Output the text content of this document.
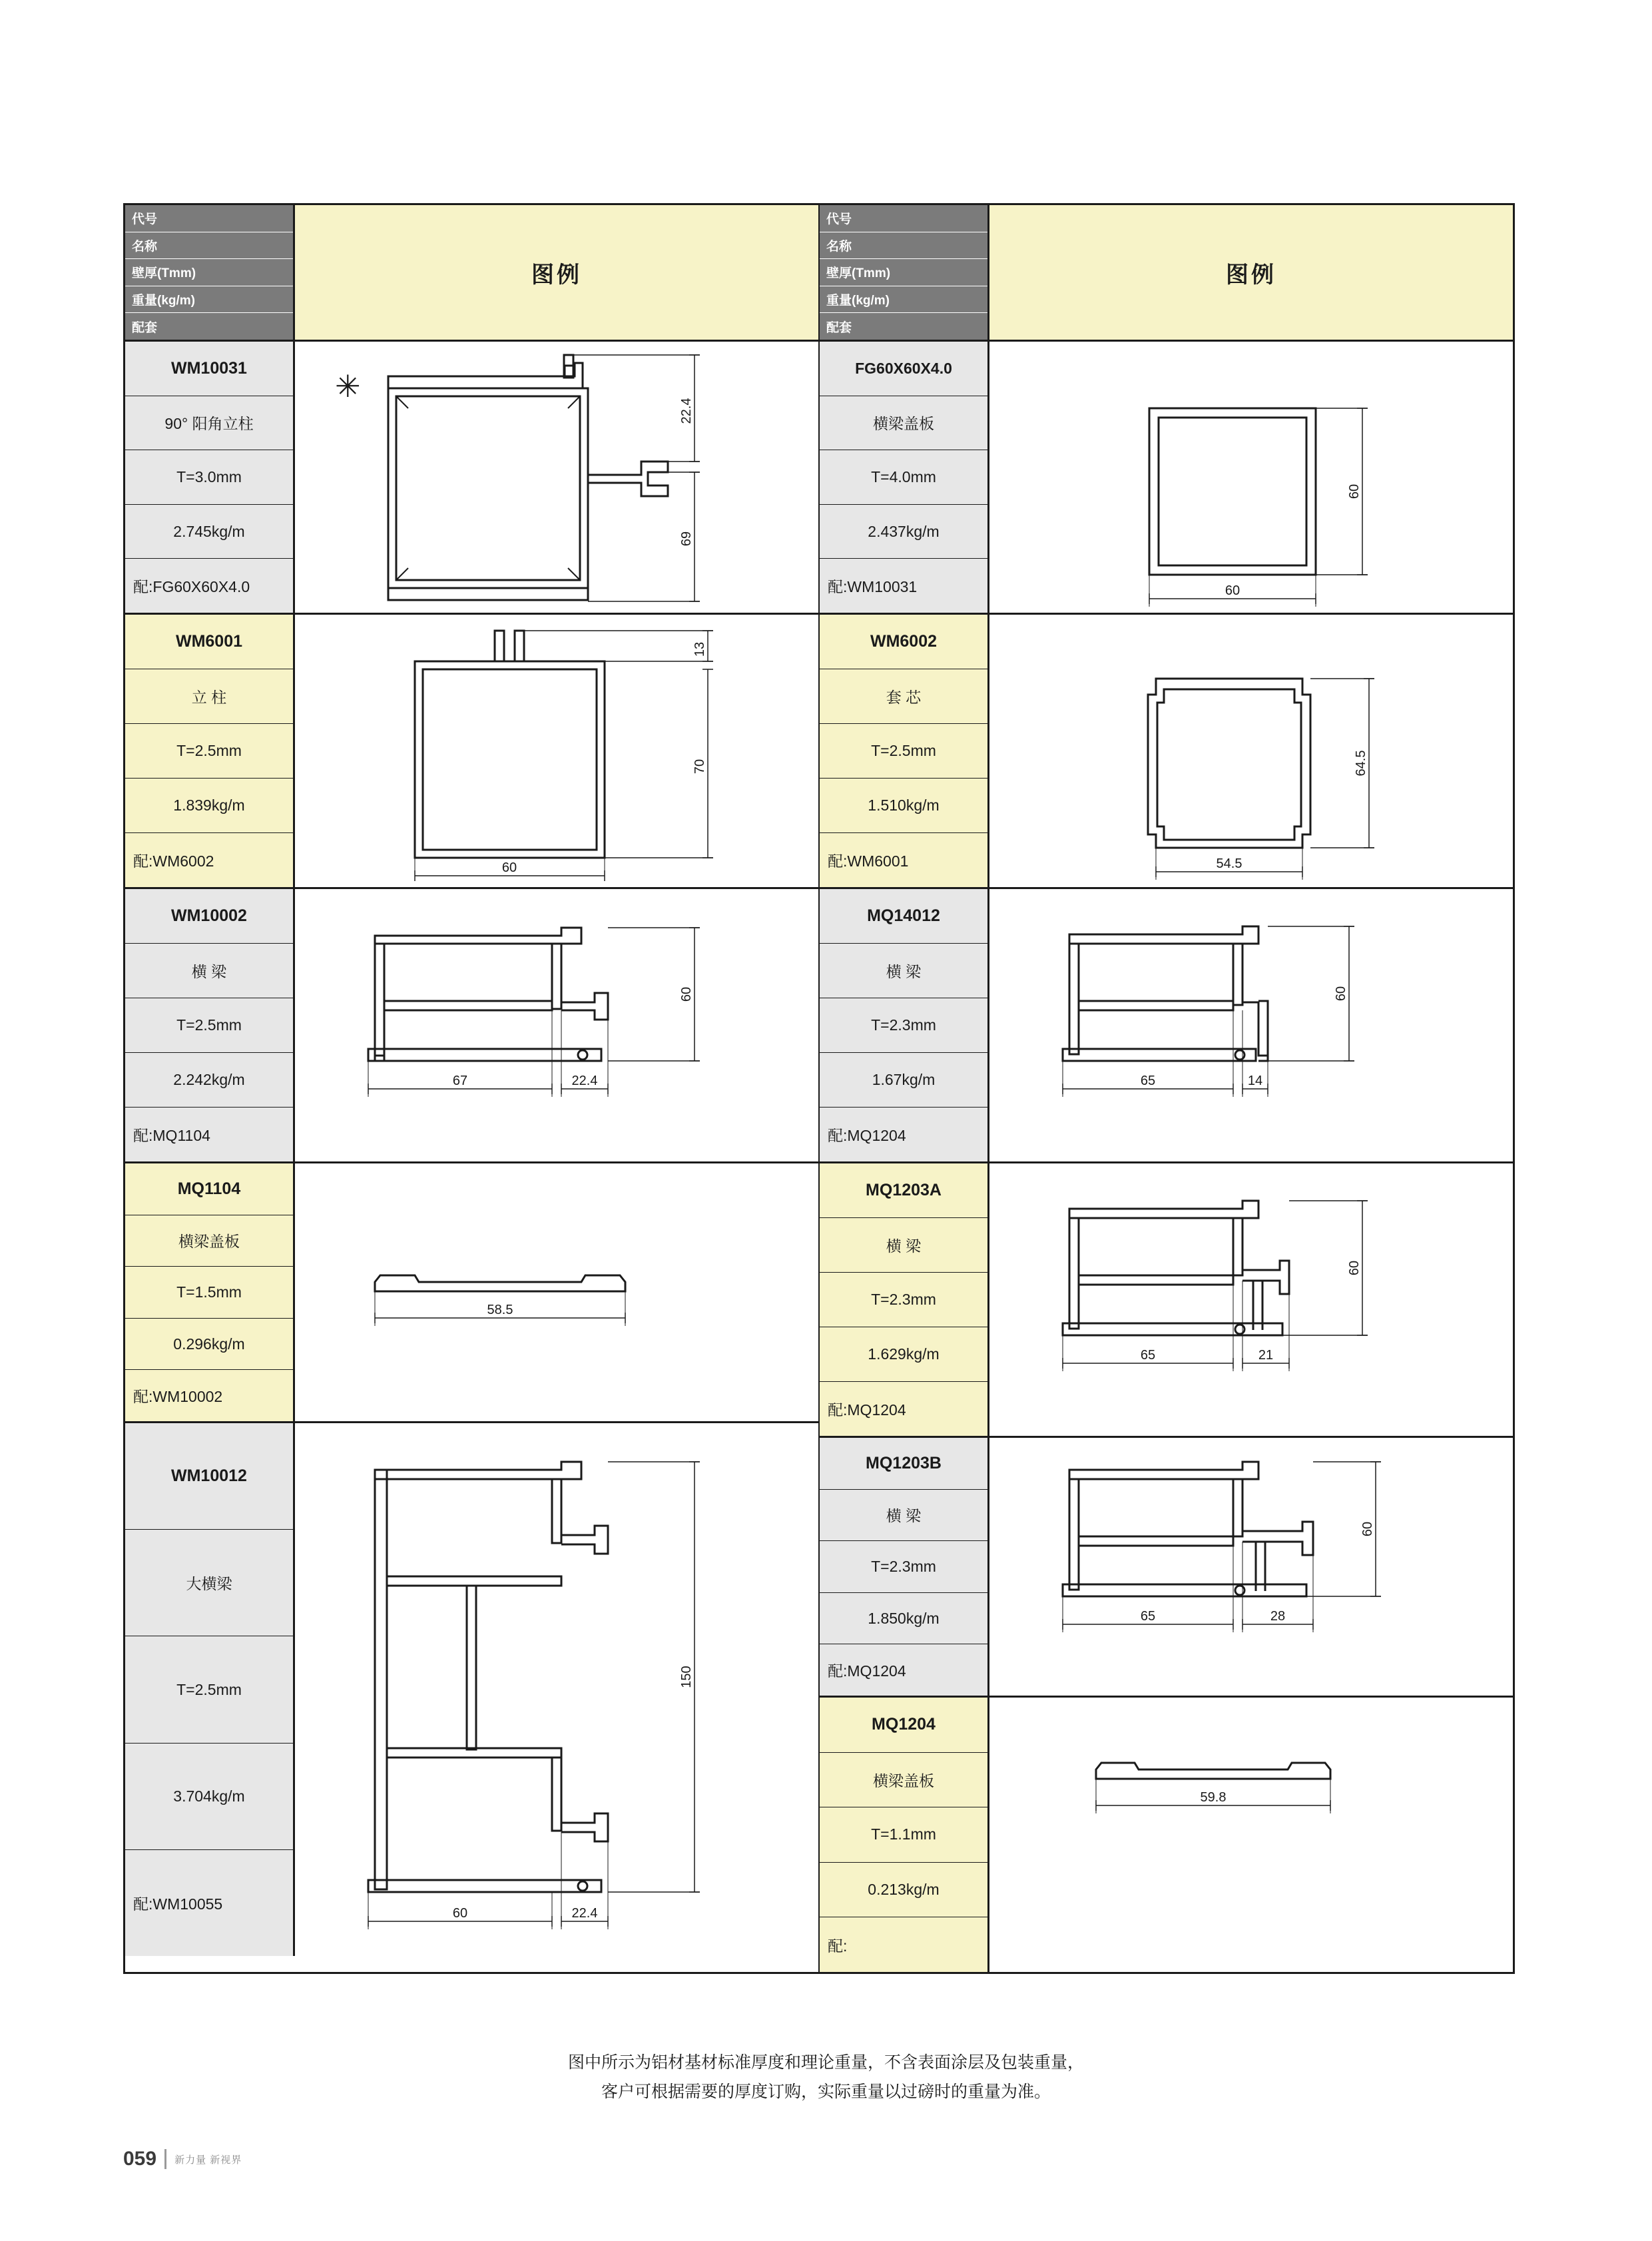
代号
名称
壁厚(Tmm)
重量(kg/m)
配套
图例
WM10031
90° 阳角立柱
T=3.0mm
2.745kg/m
配:FG60X60X4.0
✳
22.4
69
WM6001
立 柱
T=2.5mm
1.839kg/m
配:WM6002
13
70
60
WM10002
横 梁
T=2.5mm
2.242kg/m
配:MQ1104
60
67	22.4
MQ1104
横梁盖板
T=1.5mm
0.296kg/m
配:WM10002
58.5
WM10012
大横梁
T=2.5mm
3.704kg/m
配:WM10055
150
60	22.4
代号
名称
壁厚(Tmm)
重量(kg/m)
配套
图例
FG60X60X4.0
横梁盖板
T=4.0mm
2.437kg/m
配:WM10031
60
60
WM6002
套 芯
T=2.5mm
1.510kg/m
配:WM6001
64.5
54.5
MQ14012
横 梁
T=2.3mm
1.67kg/m
配:MQ1204
60
65	14
MQ1203A
横 梁
T=2.3mm
1.629kg/m
配:MQ1204
60
65	21
MQ1203B
横 梁
T=2.3mm
1.850kg/m
配:MQ1204
60
65	28
MQ1204
横梁盖板
T=1.1mm
0.213kg/m
配:
59.8
图中所示为铝材基材标准厚度和理论重量，不含表面涂层及包装重量，
客户可根据需要的厚度订购，实际重量以过磅时的重量为准。
059 新力量 新视界
